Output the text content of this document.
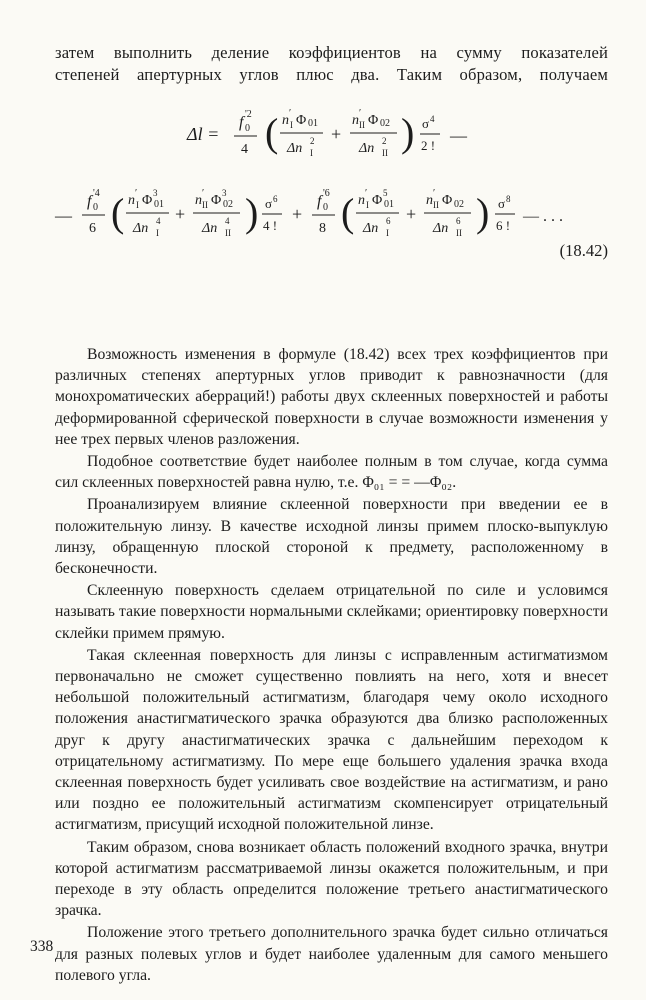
затем выполнить деление коэффициентов на сумму показателей
степеней апертурных углов плюс два. Таким образом, получаем
Δl =
f 0
'2
4 ( n ′
I Φ 01
Δn 2
I
+
n ′
II Φ 02
Δn 2
II ) σ 4
2 !
—
—
f 0
'4
6 ( n ′
I Φ 3
01
Δn 4
I
+
n ′
II Φ 3
02
Δn 4
II ) σ 6
4 !
+
f 0
'6
8 ( n ′
I Φ 5
01
Δn 6
I
+
n ′
II Φ 02
Δn 6
II ) σ 8
6 !
— . . .
(18.42)

Возможность изменения в формуле (18.42) всех трех коэффициентов при различных степенях апертурных углов приводит к равнозначности (для монохроматических аберраций!) работы двух склеенных поверхностей и работы деформированной сферической поверхности в случае возможности изменения у нее трех первых членов разложения.

Подобное соответствие будет наиболее полным в том случае, когда сумма сил склеенных поверхностей равна нулю, т.е. Φ₀₁ = = —Φ₀₂.

Проанализируем влияние склеенной поверхности при введении ее в положительную линзу. В качестве исходной линзы примем плоско-выпуклую линзу, обращенную плоской стороной к предмету, расположенному в бесконечности.

Склеенную поверхность сделаем отрицательной по силе и условимся называть такие поверхности нормальными склейками; ориентировку поверхности склейки примем прямую.

Такая склеенная поверхность для линзы с исправленным астигматизмом первоначально не сможет существенно повлиять на него, хотя и внесет небольшой положительный астигматизм, благодаря чему около исходного положения анастигматического зрачка образуются два близко расположенных друг к другу анастигматических зрачка с дальнейшим переходом к отрицательному астигматизму. По мере еще большего удаления зрачка входа склеенная поверхность будет усиливать свое воздействие на астигматизм, и рано или поздно ее положительный астигматизм скомпенсирует отрицательный астигматизм, присущий исходной положительной линзе.

Таким образом, снова возникает область положений входного зрачка, внутри которой астигматизм рассматриваемой линзы окажется положительным, и при переходе в эту область определится положение третьего анастигматического зрачка.

Положение этого третьего дополнительного зрачка будет сильно отличаться для разных полевых углов и будет наиболее удаленным для самого меньшего полевого угла.

338
